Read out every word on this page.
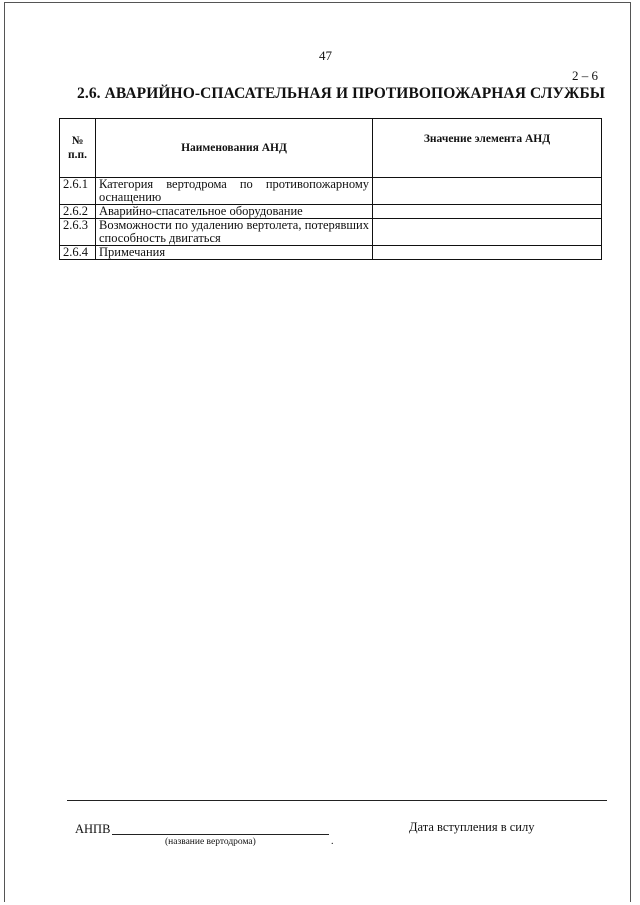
47
2 – 6
2.6. АВАРИЙНО-СПАСАТЕЛЬНАЯ И ПРОТИВОПОЖАРНАЯ СЛУЖБЫ
№
п.п.	Наименования АНД	Значение элемента АНД
2.6.1	Категория вертодрома по противопожарному оснащению	
2.6.2	Аварийно-спасательное оборудование	
2.6.3	Возможности по удалению вертолета, потерявших способность двигаться	
2.6.4	Примечания	
АНПВ
(название вертодрома)	.
Дата вступления в силу
